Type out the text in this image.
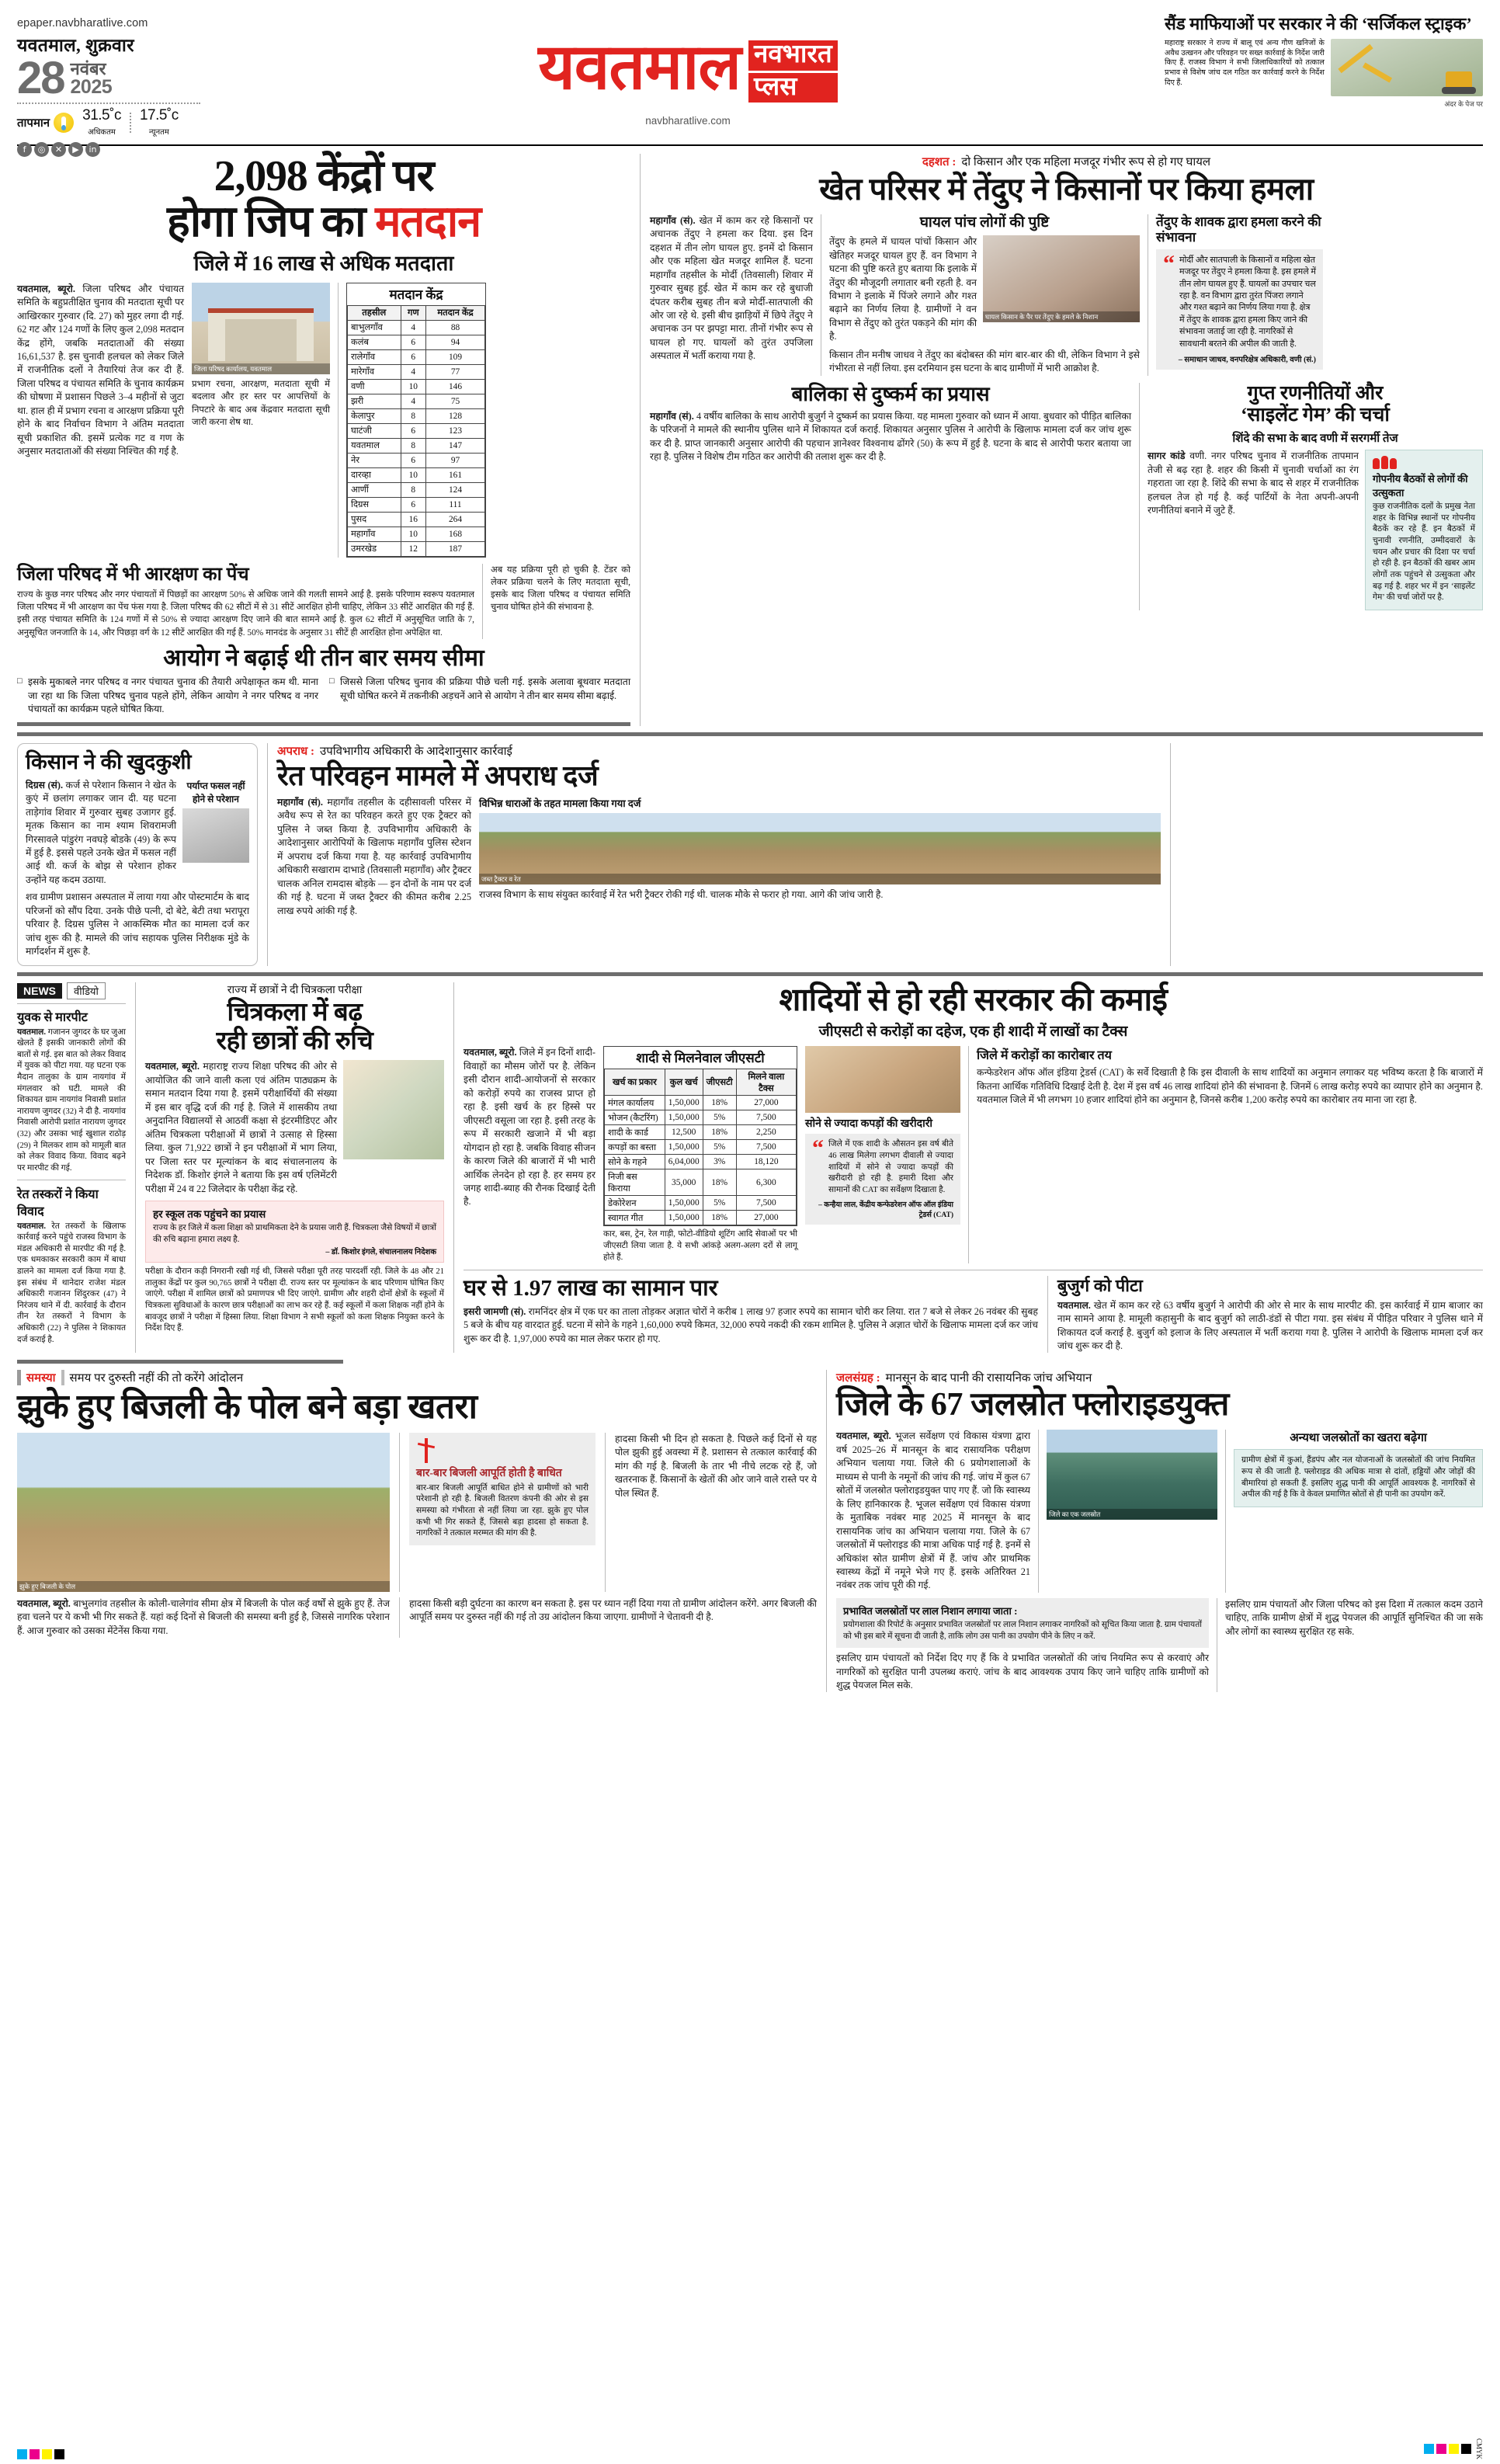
epaper.navbharatlive.com
यवतमाल, शुक्रवार
28 नवंबर
2025
तापमान	31.5˚c
अधिकतम
17.5˚c
न्यूनतम
f	◎	✕	▶	in
यवतमाल नवभारत
प्लस
navbharatlive.com
सैंड माफियाओं पर सरकार ने की ‘सर्जिकल स्ट्राइक’
महाराष्ट्र सरकार ने राज्य में बालू एवं अन्य गौण खनिजों के अवैध उत्खनन और परिवहन पर सख्त कार्रवाई के निर्देश जारी किए हैं. राजस्व विभाग ने सभी जिलाधिकारियों को तत्काल प्रभाव से विशेष जांच दल गठित कर कार्रवाई करने के निर्देश दिए हैं.
अंदर के पेज पर
2,098 केंद्रों पर
होगा जिप का मतदान
जिले में 16 लाख से अधिक मतदाता
यवतमाल, ब्यूरो. जिला परिषद और पंचायत समिति के बहुप्रतीक्षित चुनाव की मतदाता सूची पर आखिरकार गुरुवार (दि. 27) को मुहर लगा दी गई. 62 गट और 124 गणों के लिए कुल 2,098 मतदान केंद्र होंगे, जबकि मतदाताओं की संख्या 16,61,537 है. इस चुनावी हलचल को लेकर जिले में राजनीतिक दलों ने तैयारियां तेज कर दी हैं. जिला परिषद व पंचायत समिति के चुनाव कार्यक्रम की घोषणा में प्रशासन पिछले 3–4 महीनों से जुटा था. हाल ही में प्रभाग रचना व आरक्षण प्रक्रिया पूरी होने के बाद निर्वाचन विभाग ने अंतिम मतदाता सूची प्रकाशित की. इसमें प्रत्येक गट व गण के अनुसार मतदाताओं की संख्या निश्चित की गई है.
जिला परिषद कार्यालय, यवतमाल
प्रभाग रचना, आरक्षण, मतदाता सूची में बदलाव और हर स्तर पर आपत्तियों के निपटारे के बाद अब केंद्रवार मतदाता सूची जारी करना शेष था.
मतदान केंद्र
तहसील	गण	मतदान केंद्र
बाभुलगाँव	4	88
कलंब	6	94
रालेगाँव	6	109
मारेगाँव	4	77
वणी	10	146
झरी	4	75
केलापुर	8	128
घाटंजी	6	123
यवतमाल	8	147
नेर	6	97
दारव्हा	10	161
आर्णी	8	124
दिग्रस	6	111
पुसद	16	264
महागाँव	10	168
उमरखेड	12	187
जिला परिषद में भी आरक्षण का पेंच
राज्य के कुछ नगर परिषद और नगर पंचायतों में पिछड़ों का आरक्षण 50% से अधिक जाने की गलती सामने आई है. इसके परिणाम स्वरूप यवतमाल जिला परिषद में भी आरक्षण का पेंच फंस गया है. जिला परिषद की 62 सीटों में से 31 सीटें आरक्षित होनी चाहिए, लेकिन 33 सीटें आरक्षित की गई हैं. इसी तरह पंचायत समिति के 124 गणों में से 50% से ज्यादा आरक्षण दिए जाने की बात सामने आई है. कुल 62 सीटों में अनुसूचित जाति के 7, अनुसूचित जनजाति के 14, और पिछड़ा वर्ग के 12 सीटें आरक्षित की गई हैं. 50% मानदंड के अनुसार 31 सीटें ही आरक्षित होना अपेक्षित था.
अब यह प्रक्रिया पूरी हो चुकी है. टेंडर को लेकर प्रक्रिया चलने के लिए मतदाता सूची, इसके बाद जिला परिषद व पंचायत समिति चुनाव घोषित होने की संभावना है.
आयोग ने बढ़ाई थी तीन बार समय सीमा
□ इसके मुकाबले नगर परिषद व नगर पंचायत चुनाव की तैयारी अपेक्षाकृत कम थी. माना जा रहा था कि जिला परिषद चुनाव पहले होंगे, लेकिन आयोग ने नगर परिषद व नगर पंचायतों का कार्यक्रम पहले घोषित किया.
□ जिससे जिला परिषद चुनाव की प्रक्रिया पीछे चली गई. इसके अलावा बूथवार मतदाता सूची घोषित करने में तकनीकी अड़चनें आने से आयोग ने तीन बार समय सीमा बढ़ाई.
दहशत : दो किसान और एक महिला मजदूर गंभीर रूप से हो गए घायल
खेत परिसर में तेंदुए ने किसानों पर किया हमला
महागाँव (सं). खेत में काम कर रहे किसानों पर अचानक तेंदुए ने हमला कर दिया. इस दिन दहशत में तीन लोग घायल हुए. इनमें दो किसान और एक महिला खेत मजदूर शामिल हैं. घटना महागाँव तहसील के मोर्दी (तिवसाली) शिवार में गुरुवार सुबह हुई. खेत में काम कर रहे बुधाजी दंपतर करीब सुबह तीन बजे मोर्दी-सातपाली की ओर जा रहे थे. इसी बीच झाड़ियों में छिपे तेंदुए ने अचानक उन पर झपट्टा मारा. तीनों गंभीर रूप से घायल हो गए. घायलों को तुरंत उपजिला अस्पताल में भर्ती कराया गया है.
घायल पांच लोगों की पुष्टि
तेंदुए के हमले में घायल पांचों किसान और खेतिहर मजदूर घायल हुए हैं. वन विभाग ने घटना की पुष्टि करते हुए बताया कि इलाके में तेंदुए की मौजूदगी लगातार बनी रहती है. वन विभाग ने इलाके में पिंजरे लगाने और गश्त बढ़ाने का निर्णय लिया है. ग्रामीणों ने वन विभाग से तेंदुए को तुरंत पकड़ने की मांग की है.
घायल किसान के पैर पर तेंदुए के हमले के निशान
किसान तीन मनीष जाधव ने तेंदुए का बंदोबस्त की मांग बार-बार की थी, लेकिन विभाग ने इसे गंभीरता से नहीं लिया. इस दरमियान इस घटना के बाद ग्रामीणों में भारी आक्रोश है.
तेंदुए के शावक द्वारा हमला करने की संभावना
“ मोर्दी और सातपाली के किसानों व महिला खेत मजदूर पर तेंदुए ने हमला किया है. इस हमले में तीन लोग घायल हुए हैं. घायलों का उपचार चल रहा है. वन विभाग द्वारा तुरंत पिंजरा लगाने और गश्त बढ़ाने का निर्णय लिया गया है. क्षेत्र में तेंदुए के शावक द्वारा हमला किए जाने की संभावना जताई जा रही है. नागरिकों से सावधानी बरतने की अपील की जाती है.
– समाधान जाधव, वनपरिक्षेत्र अधिकारी, वणी (सं.)
बालिका से दुष्कर्म का प्रयास
महागाँव (सं). 4 वर्षीय बालिका के साथ आरोपी बुजुर्ग ने दुष्कर्म का प्रयास किया. यह मामला गुरुवार को ध्यान में आया. बुधवार को पीड़ित बालिका के परिजनों ने मामले की स्थानीय पुलिस थाने में शिकायत दर्ज कराई. शिकायत अनुसार पुलिस ने आरोपी के खिलाफ मामला दर्ज कर जांच शुरू कर दी है. प्राप्त जानकारी अनुसार आरोपी की पहचान ज्ञानेश्वर विश्वनाथ ढोंगरे (50) के रूप में हुई है. घटना के बाद से आरोपी फरार बताया जा रहा है. पुलिस ने विशेष टीम गठित कर आरोपी की तलाश शुरू कर दी है.
गुप्त रणनीतियों और
‘साइलेंट गेम’ की चर्चा
शिंदे की सभा के बाद वणी में सरगर्मी तेज
सागर कांडे वणी. नगर परिषद चुनाव में राजनीतिक तापमान तेजी से बढ़ रहा है. शहर की किसी में चुनावी चर्चाओं का रंग गहराता जा रहा है. शिंदे की सभा के बाद से शहर में राजनीतिक हलचल तेज हो गई है. कई पार्टियों के नेता अपनी-अपनी रणनीतियां बनाने में जुटे हैं.
गोपनीय बैठकों से लोगों की उत्सुकता
कुछ राजनीतिक दलों के प्रमुख नेता शहर के विभिन्न स्थानों पर गोपनीय बैठकें कर रहे हैं. इन बैठकों में चुनावी रणनीति, उम्मीदवारों के चयन और प्रचार की दिशा पर चर्चा हो रही है. इन बैठकों की खबर आम लोगों तक पहुंचने से उत्सुकता और बढ़ गई है. शहर भर में इन ‘साइलेंट गेम’ की चर्चा जोरों पर है.
किसान ने की खुदकुशी
दिग्रस (सं). कर्ज से परेशान किसान ने खेत के कुएं में छलांग लगाकर जान दी. यह घटना ताड़ेगांव शिवार में गुरुवार सुबह उजागर हुई. मृतक किसान का नाम श्याम शिवरामजी गिरसावले पांडुरंग नवघड़े बोडके (49) के रूप में हुई है. इससे पहले उनके खेत में फसल नहीं आई थी. कर्ज के बोझ से परेशान होकर उन्होंने यह कदम उठाया.
पर्याप्त फसल नहीं होने से परेशान
शव ग्रामीण प्रशासन अस्पताल में लाया गया और पोस्टमार्टम के बाद परिजनों को सौंप दिया. उनके पीछे पत्नी, दो बेटे, बेटी तथा भरापूरा परिवार है. दिग्रस पुलिस ने आकस्मिक मौत का मामला दर्ज कर जांच शुरू की है. मामले की जांच सहायक पुलिस निरीक्षक मुंडे के मार्गदर्शन में शुरू है.
अपराध : उपविभागीय अधिकारी के आदेशानुसार कार्रवाई
रेत परिवहन मामले में अपराध दर्ज
महागाँव (सं). महागाँव तहसील के दहीसावली परिसर में अवैध रूप से रेत का परिवहन करते हुए एक ट्रैक्टर को पुलिस ने जब्त किया है. उपविभागीय अधिकारी के आदेशानुसार आरोपियों के खिलाफ महागाँव पुलिस स्टेशन में अपराध दर्ज किया गया है. यह कार्रवाई उपविभागीय अधिकारी सखाराम दाभाडे (तिवसाली महागाँव) और ट्रैक्टर चालक अनिल रामदास बोड़के — इन दोनों के नाम पर दर्ज की गई है. घटना में जब्त ट्रैक्टर की कीमत करीब 2.25 लाख रुपये आंकी गई है.
विभिन्न धाराओं के तहत मामला किया गया दर्ज
जब्त ट्रैक्टर व रेत
राजस्व विभाग के साथ संयुक्त कार्रवाई में रेत भरी ट्रैक्टर रोकी गई थी. चालक मौके से फरार हो गया. आगे की जांच जारी है.
NEWS	वीडियो
युवक से मारपीट
यवतमाल. गजानन जुगदर के घर जुआ खेलते हैं इसकी जानकारी लोगों की बातों से गई. इस बात को लेकर विवाद में युवक को पीटा गया. यह घटना एक मैदान तालुका के ग्राम नायगांव में मंगलवार को घटी. मामले की शिकायत ग्राम नायगांव निवासी प्रशांत नारायण जुगदर (32) ने दी है. नायगांव निवासी आरोपी प्रशांत नारायण जुगदर (32) और उसका भाई खुशाल राठोड़ (29) ने मिलकर शाम को मामूली बात को लेकर विवाद किया. विवाद बढ़ने पर मारपीट की गई.
रेत तस्करों ने किया विवाद
यवतमाल. रेत तस्करों के खिलाफ कार्रवाई करने पहुंचे राजस्व विभाग के मंडल अधिकारी से मारपीट की गई है. एक धमकाकर सरकारी काम में बाधा डालने का मामला दर्ज किया गया है. इस संबंध में थानेदार राजेश मंडल अधिकारी गजानन शिंदुरकर (47) ने निरंजय थाने में दी. कार्रवाई के दौरान तीन रेत तस्करों ने विभाग के अधिकारी (22) ने पुलिस ने शिकायत दर्ज कराई है.
राज्य में छात्रों ने दी चित्रकला परीक्षा
चित्रकला में बढ़
रही छात्रों की रुचि
यवतमाल, ब्यूरो. महाराष्ट्र राज्य शिक्षा परिषद की ओर से आयोजित की जाने वाली कला एवं अंतिम पाठ्यक्रम के समान मतदान दिया गया है. इसमें परीक्षार्थियों की संख्या में इस बार वृद्धि दर्ज की गई है. जिले में शासकीय तथा अनुदानित विद्यालयों से आठवीं कक्षा से इंटरमीडिएट और अंतिम चित्रकला परीक्षाओं में छात्रों ने उत्साह से हिस्सा लिया. कुल 71,922 छात्रों ने इन परीक्षाओं में भाग लिया, पर जिला स्तर पर मूल्यांकन के बाद संचालनालय के निदेशक डॉ. किशोर इंगले ने बताया कि इस वर्ष एलिमेंटरी परीक्षा में 24 व 22 जिलेदार के परीक्षा केंद्र रहे.
हर स्कूल तक पहुंचने का प्रयास
राज्य के हर जिले में कला शिक्षा को प्राथमिकता देने के प्रयास जारी हैं. चित्रकला जैसे विषयों में छात्रों की रुचि बढ़ाना हमारा लक्ष्य है.
– डॉ. किशोर इंगले, संचालनालय निदेशक
परीक्षा के दौरान कड़ी निगरानी रखी गई थी, जिससे परीक्षा पूरी तरह पारदर्शी रही. जिले के 48 और 21 तालुका केंद्रों पर कुल 90,765 छात्रों ने परीक्षा दी. राज्य स्तर पर मूल्यांकन के बाद परिणाम घोषित किए जाएंगे. परीक्षा में शामिल छात्रों को प्रमाणपत्र भी दिए जाएंगे. ग्रामीण और शहरी दोनों क्षेत्रों के स्कूलों में चित्रकला सुविधाओं के कारण छात्र परीक्षाओं का लाभ कर रहे हैं. कई स्कूलों में कला शिक्षक नहीं होने के बावजूद छात्रों ने परीक्षा में हिस्सा लिया. शिक्षा विभाग ने सभी स्कूलों को कला शिक्षक नियुक्त करने के निर्देश दिए हैं.
शादियों से हो रही सरकार की कमाई
जीएसटी से करोड़ों का दहेज, एक ही शादी में लाखों का टैक्स
यवतमाल, ब्यूरो. जिले में इन दिनों शादी-विवाहों का मौसम जोरों पर है. लेकिन इसी दौरान शादी-आयोजनों से सरकार को करोड़ों रुपये का राजस्व प्राप्त हो रहा है. इसी खर्च के हर हिस्से पर जीएसटी वसूला जा रहा है. इसी तरह के रूप में सरकारी खजाने में भी बड़ा योगदान हो रहा है. जबकि विवाह सीजन के कारण जिले की बाजारों में भी भारी आर्थिक लेनदेन हो रहा है. हर समय हर जगह शादी-ब्याह की रौनक दिखाई देती है.
शादी से मिलनेवाल जीएसटी
खर्च का प्रकार	कुल खर्च	जीएसटी	मिलने वाला टैक्स
मंगल कार्यालय	1,50,000	18%	27,000
भोजन (कैटरिंग)	1,50,000	5%	7,500
शादी के कार्ड	12,500	18%	2,250
कपड़ों का बस्ता	1,50,000	5%	7,500
सोने के गहने	6,04,000	3%	18,120
निजी बस किराया	35,000	18%	6,300
डेकोरेशन	1,50,000	5%	7,500
स्वागत गीत	1,50,000	18%	27,000
कार, बस, ट्रेन, रेल गाड़ी, फोटो-वीडियो शूटिंग आदि सेवाओं पर भी जीएसटी लिया जाता है. ये सभी आंकड़े अलग-अलग दरों से लागू होते हैं.
सोने से ज्यादा कपड़ों की खरीदारी
“ जिले में एक शादी के औसतन इस वर्ष बीते 46 लाख मिलेगा लगभग दीवाली से ज्यादा शादियों में सोने से ज्यादा कपड़ों की खरीदारी हो रही है. हमारी दिशा और सामानों की CAT का सर्वेक्षण दिखाता है.
– कन्हैया लाल, केंद्रीय कन्फेडरेशन ऑफ ऑल इंडिया ट्रेडर्स (CAT)
जिले में करोड़ों का कारोबार तय
कन्फेडरेशन ऑफ ऑल इंडिया ट्रेडर्स (CAT) के सर्वे दिखाती है कि इस दीवाली के साथ शादियों का अनुमान लगाकर यह भविष्य करता है कि बाजारों में कितना आर्थिक गतिविधि दिखाई देती है. देश में इस वर्ष 46 लाख शादियां होने की संभावना है. जिनमें 6 लाख करोड़ रुपये का व्यापार होने का अनुमान है. यवतमाल जिले में भी लगभग 10 हजार शादियां होने का अनुमान है, जिनसे करीब 1,200 करोड़ रुपये का कारोबार तय माना जा रहा है.
घर से 1.97 लाख का सामान पार
इसरी जामणी (सं). रामनिंदर क्षेत्र में एक घर का ताला तोड़कर अज्ञात चोरों ने करीब 1 लाख 97 हजार रुपये का सामान चोरी कर लिया. रात 7 बजे से लेकर 26 नवंबर की सुबह 5 बजे के बीच यह वारदात हुई. घटना में सोने के गहने 1,60,000 रुपये किमत, 32,000 रुपये नकदी की रकम शामिल है. पुलिस ने अज्ञात चोरों के खिलाफ मामला दर्ज कर जांच शुरू कर दी है. 1,97,000 रुपये का माल लेकर फरार हो गए.
बुजुर्ग को पीटा
यवतमाल. खेत में काम कर रहे 63 वर्षीय बुजुर्ग ने आरोपी की ओर से मार के साथ मारपीट की. इस कार्रवाई में ग्राम बाजार का नाम सामने आया है. मामूली कहासुनी के बाद बुजुर्ग को लाठी-डंडों से पीटा गया. इस संबंध में पीड़ित परिवार ने पुलिस थाने में शिकायत दर्ज कराई है. बुजुर्ग को इलाज के लिए अस्पताल में भर्ती कराया गया है. पुलिस ने आरोपी के खिलाफ मामला दर्ज कर जांच शुरू कर दी है.
समस्या समय पर दुरुस्ती नहीं की तो करेंगे आंदोलन
झुके हुए बिजली के पोल बने बड़ा खतरा
झुके हुए बिजली के पोल
बार-बार बिजली आपूर्ति होती है बाधित
बार-बार बिजली आपूर्ति बाधित होने से ग्रामीणों को भारी परेशानी हो रही है. बिजली वितरण कंपनी की ओर से इस समस्या को गंभीरता से नहीं लिया जा रहा. झुके हुए पोल कभी भी गिर सकते हैं, जिससे बड़ा हादसा हो सकता है. नागरिकों ने तत्काल मरम्मत की मांग की है.
हादसा किसी भी दिन हो सकता है. पिछले कई दिनों से यह पोल झुकी हुई अवस्था में है. प्रशासन से तत्काल कार्रवाई की मांग की गई है. बिजली के तार भी नीचे लटक रहे हैं, जो खतरनाक हैं. किसानों के खेतों की ओर जाने वाले रास्ते पर ये पोल स्थित हैं.
यवतमाल, ब्यूरो. बाभुलगांव तहसील के कोली-चालेगांव सीमा क्षेत्र में बिजली के पोल कई वर्षों से झुके हुए हैं. तेज हवा चलने पर ये कभी भी गिर सकते हैं. यहां कई दिनों से बिजली की समस्या बनी हुई है, जिससे नागरिक परेशान हैं. आज गुरुवार को उसका मेंटेनेंस किया गया.
हादसा किसी बड़ी दुर्घटना का कारण बन सकता है. इस पर ध्यान नहीं दिया गया तो ग्रामीण आंदोलन करेंगे. अगर बिजली की आपूर्ति समय पर दुरुस्त नहीं की गई तो उग्र आंदोलन किया जाएगा. ग्रामीणों ने चेतावनी दी है.
जलसंग्रह : मानसून के बाद पानी की रासायनिक जांच अभियान
जिले के 67 जलस्रोत फ्लोराइडयुक्त
यवतमाल, ब्यूरो. भूजल सर्वेक्षण एवं विकास यंत्रणा द्वारा वर्ष 2025–26 में मानसून के बाद रासायनिक परीक्षण अभियान चलाया गया. जिले की 6 प्रयोगशालाओं के माध्यम से पानी के नमूनों की जांच की गई. जांच में कुल 67 स्रोतों में जलस्रोत फ्लोराइडयुक्त पाए गए हैं. जो कि स्वास्थ्य के लिए हानिकारक है. भूजल सर्वेक्षण एवं विकास यंत्रणा के मुताबिक नवंबर माह 2025 में मानसून के बाद रासायनिक जांच का अभियान चलाया गया. जिले के 67 जलस्रोतों में फ्लोराइड की मात्रा अधिक पाई गई है. इनमें से अधिकांश स्रोत ग्रामीण क्षेत्रों में हैं. जांच और प्राथमिक स्वास्थ्य केंद्रों में नमूने भेजे गए हैं. इसके अतिरिक्त 21 नवंबर तक जांच पूरी की गई.
जिले का एक जलस्रोत
अन्यथा जलस्रोतों का खतरा बढ़ेगा
ग्रामीण क्षेत्रों में कुआं, हैंडपंप और नल योजनाओं के जलस्रोतों की जांच नियमित रूप से की जाती है. फ्लोराइड की अधिक मात्रा से दांतों, हड्डियों और जोड़ों की बीमारियां हो सकती हैं. इसलिए शुद्ध पानी की आपूर्ति आवश्यक है. नागरिकों से अपील की गई है कि वे केवल प्रमाणित स्रोतों से ही पानी का उपयोग करें.
प्रभावित जलस्रोतों पर लाल निशान लगाया जाता :
प्रयोगशाला की रिपोर्ट के अनुसार प्रभावित जलस्रोतों पर लाल निशान लगाकर नागरिकों को सूचित किया जाता है. ग्राम पंचायतों को भी इस बारे में सूचना दी जाती है, ताकि लोग उस पानी का उपयोग पीने के लिए न करें.
इसलिए ग्राम पंचायतों को निर्देश दिए गए हैं कि वे प्रभावित जलस्रोतों की जांच नियमित रूप से करवाएं और नागरिकों को सुरक्षित पानी उपलब्ध कराएं. जांच के बाद आवश्यक उपाय किए जाने चाहिए ताकि ग्रामीणों को शुद्ध पेयजल मिल सके.
इसलिए ग्राम पंचायतों और जिला परिषद को इस दिशा में तत्काल कदम उठाने चाहिए, ताकि ग्रामीण क्षेत्रों में शुद्ध पेयजल की आपूर्ति सुनिश्चित की जा सके और लोगों का स्वास्थ्य सुरक्षित रह सके.
CMYK
